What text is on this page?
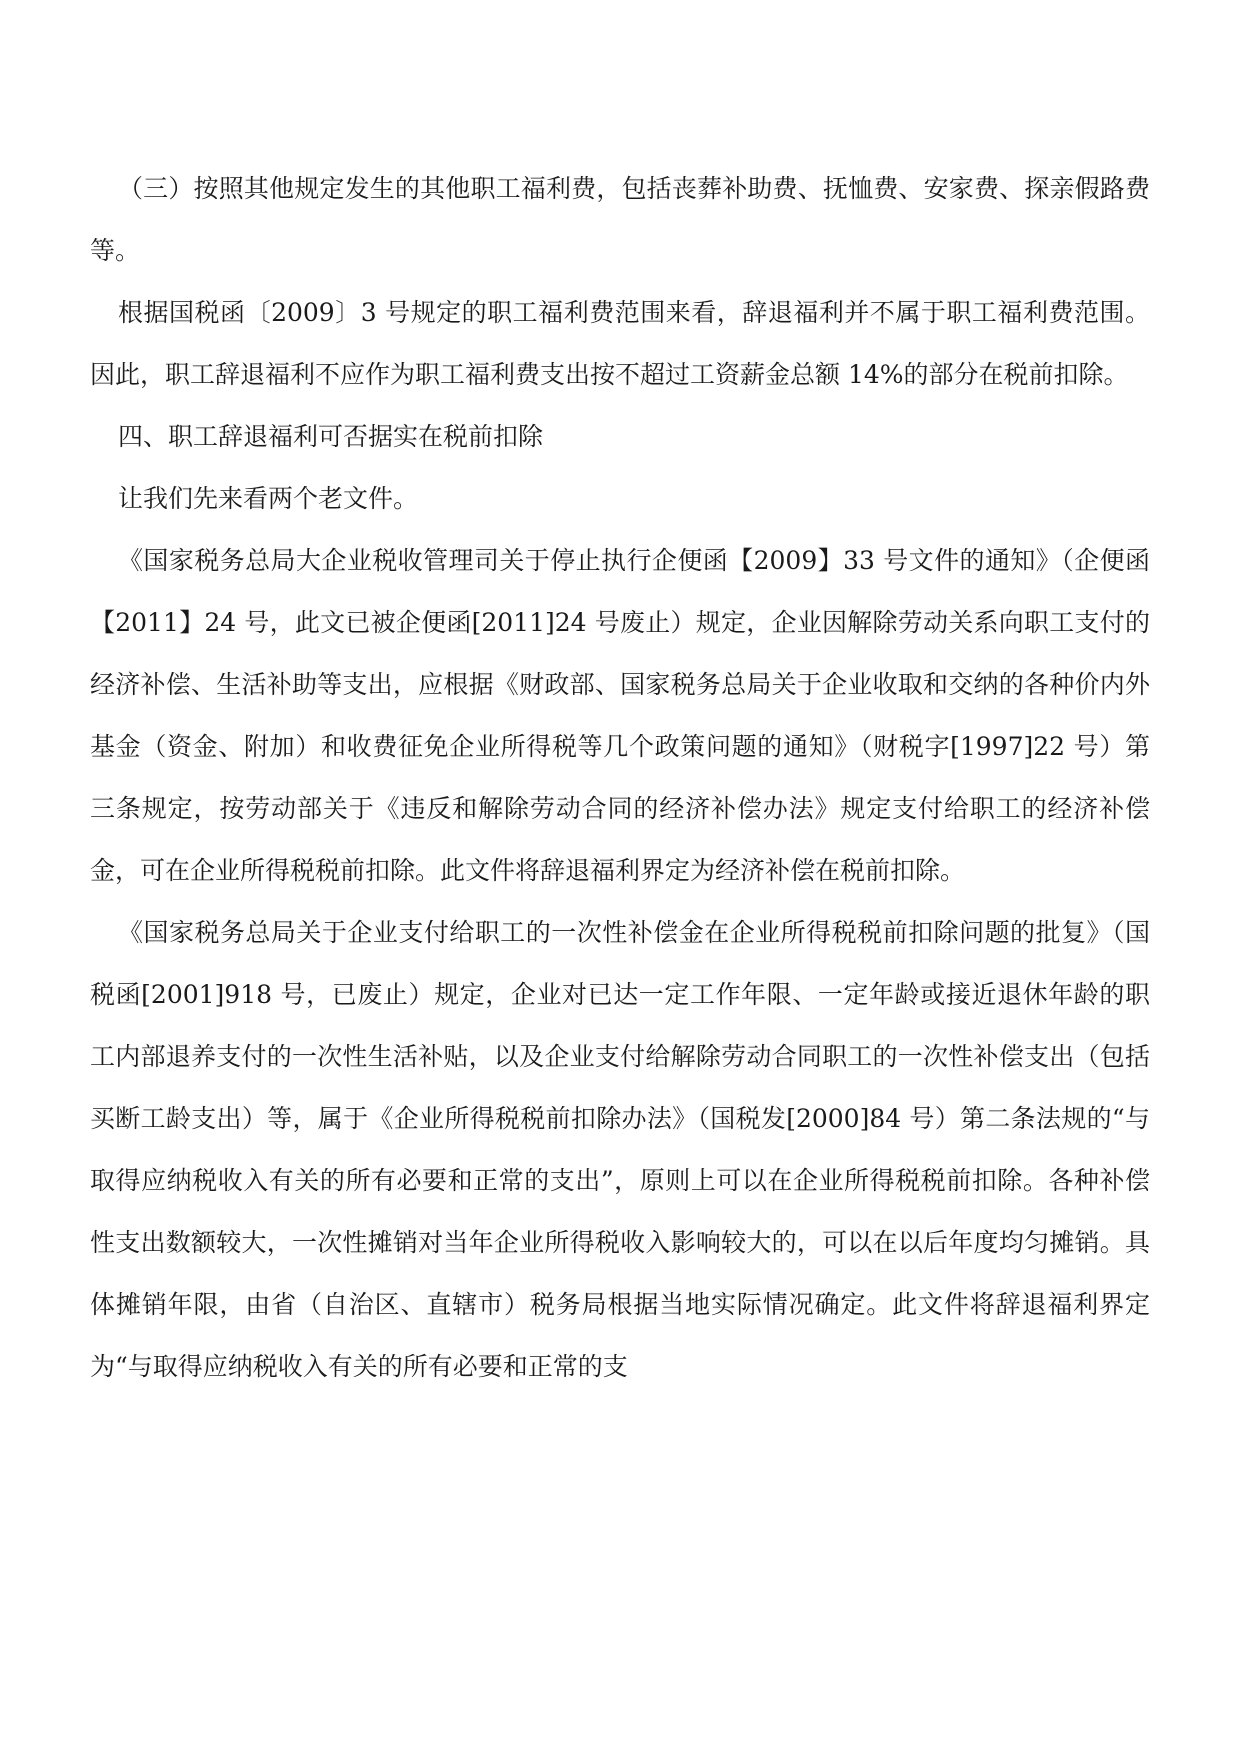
（三）按照其他规定发生的其他职工福利费，包括丧葬补助费、抚恤费、安家费、探亲假路费等。

根据国税函〔2009〕3 号规定的职工福利费范围来看，辞退福利并不属于职工福利费范围。因此，职工辞退福利不应作为职工福利费支出按不超过工资薪金总额 14%的部分在税前扣除。

四、职工辞退福利可否据实在税前扣除

让我们先来看两个老文件。

《国家税务总局大企业税收管理司关于停止执行企便函【2009】33 号文件的通知》（企便函【2011】24 号，此文已被企便函[2011]24 号废止）规定，企业因解除劳动关系向职工支付的经济补偿、生活补助等支出，应根据《财政部、国家税务总局关于企业收取和交纳的各种价内外基金（资金、附加）和收费征免企业所得税等几个政策问题的通知》（财税字[1997]22 号）第三条规定，按劳动部关于《违反和解除劳动合同的经济补偿办法》规定支付给职工的经济补偿金，可在企业所得税税前扣除。此文件将辞退福利界定为经济补偿在税前扣除。

《国家税务总局关于企业支付给职工的一次性补偿金在企业所得税税前扣除问题的批复》（国税函[2001]918 号，已废止）规定，企业对已达一定工作年限、一定年龄或接近退休年龄的职工内部退养支付的一次性生活补贴，以及企业支付给解除劳动合同职工的一次性补偿支出（包括买断工龄支出）等，属于《企业所得税税前扣除办法》（国税发[2000]84 号）第二条法规的“与取得应纳税收入有关的所有必要和正常的支出”，原则上可以在企业所得税税前扣除。各种补偿性支出数额较大，一次性摊销对当年企业所得税收入影响较大的，可以在以后年度均匀摊销。具体摊销年限，由省（自治区、直辖市）税务局根据当地实际情况确定。此文件将辞退福利界定为“与取得应纳税收入有关的所有必要和正常的支
